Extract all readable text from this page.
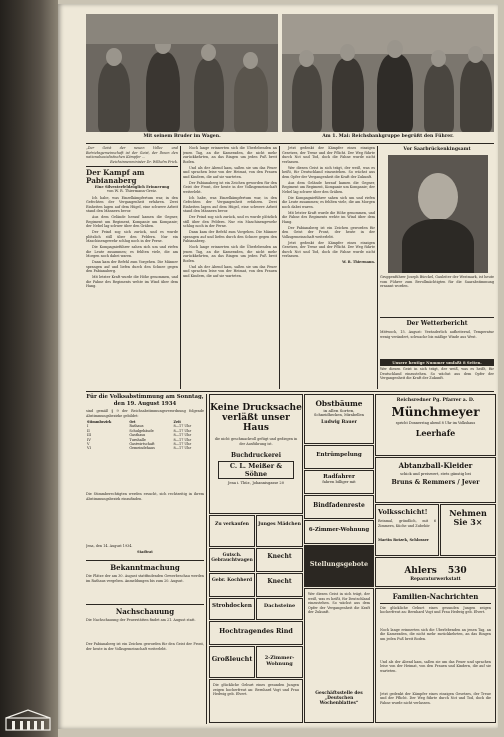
Mit seinem Bruder im Wagen.	Am 1. Mai: Reichsbankgruppe begrüßt den Führer.
„Der Geist der neuen Volks- und Betriebsgemeinschaft ist der Geist, der Ihnen den nationalsozialistischen Kämpfer ...
Reichsinnenminister Dr. Wilhelm Frick.
Der Kampf am Pabianaberg
Eine Silvesterfeldzüglich Erinnerung
von W. R. Thiermann-Greiz.

Ich habe, was Einzelkämpfertum war, in den Gefechten der Vergangenheit erfahren. Zwei Einheiten lagen auf dem Hügel, eine schwere Arbeit stand den Männern bevor.

Aus dem Gelände herauf kamen die Gegner, Regiment um Regiment, Kompanie um Kompanie; der Nebel lag schwer über den Gräben.

Der Feind zog sich zurück, und es wurde plötzlich still über den Feldern. Nur ein Maschinengewehr schlug noch in der Ferne.

Die Kompagnieführer sahen sich um und riefen die Leute zusammen; es fehlten viele, die am Morgen noch dabei waren.

Dann kam der Befehl zum Vorgehen. Die Männer sprangen auf und liefen durch den Schnee gegen den Pabianaberg.

Mit letzter Kraft wurde die Höhe genommen, und die Fahne des Regiments wehte im Wind über dem Hang.

Noch lange erinnerten sich die Überlebenden an jenen Tag, an die Kameraden, die nicht mehr zurückkehrten, an das Ringen um jeden Fuß breit Boden.

Und als der Abend kam, saßen sie um das Feuer und sprachen leise von der Heimat, von den Frauen und Kindern, die auf sie warteten.

Der Pabianaberg ist ein Zeichen geworden für den Geist der Front, der heute in der Volksgemeinschaft weiterlebt.

Ich habe, was Einzelkämpfertum war, in den Gefechten der Vergangenheit erfahren. Zwei Einheiten lagen auf dem Hügel, eine schwere Arbeit stand den Männern bevor.

Der Feind zog sich zurück, und es wurde plötzlich still über den Feldern. Nur ein Maschinengewehr schlug noch in der Ferne.

Dann kam der Befehl zum Vorgehen. Die Männer sprangen auf und liefen durch den Schnee gegen den Pabianaberg.

Noch lange erinnerten sich die Überlebenden an jenen Tag, an die Kameraden, die nicht mehr zurückkehrten, an das Ringen um jeden Fuß breit Boden.

Und als der Abend kam, saßen sie um das Feuer und sprachen leise von der Heimat, von den Frauen und Kindern, die auf sie warteten.

Jetzt gedenkt der Kämpfer eines einzigen Gesetzes, der Treue und der Pflicht. Der Weg führte durch Not und Tod, doch die Fahne wurde nicht verlassen.

Wer diesen Geist in sich trägt, der weiß, was es heißt, für Deutschland einzustehen. So wächst aus dem Opfer der Vergangenheit die Kraft der Zukunft.

Aus dem Gelände herauf kamen die Gegner, Regiment um Regiment, Kompanie um Kompanie; der Nebel lag schwer über den Gräben.

Die Kompagnieführer sahen sich um und riefen die Leute zusammen; es fehlten viele, die am Morgen noch dabei waren.

Mit letzter Kraft wurde die Höhe genommen, und die Fahne des Regiments wehte im Wind über dem Hang.

Der Pabianaberg ist ein Zeichen geworden für den Geist der Front, der heute in der Volksgemeinschaft weiterlebt.

Jetzt gedenkt der Kämpfer eines einzigen Gesetzes, der Treue und der Pflicht. Der Weg führte durch Not und Tod, doch die Fahne wurde nicht verlassen.

W. R. Thiermann.
Vor Saarbrückenkingsamt
Gruppenführer Joseph Bürckel, Gauleiter der Westmark, ist heute vom Führer zum Bevollmächtigten für die Saarabstimmung ernannt worden.
Der Wetterbericht
Mittwoch, 15. August: Veränderlich aufheiternd, Temperatur wenig verändert, schwache bis mäßige Winde aus West.
Unsere heutige Nummer umfaßt 8 Seiten.
Wer diesen Geist in sich trägt, der weiß, was es heißt, für Deutschland einzustehen. So wächst aus dem Opfer der Vergangenheit die Kraft der Zukunft.
Für die Volksabstimmung am Sonntag, den 19. August 1934
sind gemäß § 9 der Reichsabstimmungsverordnung folgende Abstimmungsbezirke gebildet:
Stimmbezirk	Ort	Zeit
I	Rathaus	8—17 Uhr
II	Schulgebäude	8—17 Uhr
III	Gasthaus	8—17 Uhr
IV	Turnhalle	8—17 Uhr
V	Gastwirtschaft	8—17 Uhr
VI	Gemeindehaus	8—17 Uhr
Die Stimmberechtigten werden ersucht, sich rechtzeitig in ihrem Abstimmungsbezirk einzufinden.
Jena, den 14. August 1934.
Stadtrat
Bekanntmachung
Die Plätze der am 30. August stattfindenden Gewerbeschau werden im Rathaus vergeben. Anmeldungen bis zum 20. August.
Nachschauung
Die Nachschauung der Feuerstätten findet am 21. August statt.
Der Pabianaberg ist ein Zeichen geworden für den Geist der Front, der heute in der Volksgemeinschaft weiterlebt.
Keine Drucksache
verläßt unser Haus
die nicht geschmackvoll gefügt und gediegen in der Ausführung ist.
Buchdruckerei
C. L. Meißer & Söhne
Jena i. Thür., Johannisgasse 20
Zu verkaufen	Junges Mädchen
Gutsch. Gebrauchtwagen
Knecht
Gebr. Kochherd	Knecht
Strohdocken	Dachsteine
Hochtragendes Rind
Großleucht	2-Zimmer-Wohnung
Die glückliche Geburt eines gesunden Jungen zeigen hocherfreut an: Bernhard Vogt und Frau Hedwig geb. Elvert.
Obstbäume
in allen Sorten,
Schneidhecken, Mirabellen
Ludwig Bauer
Reichsredner Pg. Pfarrer a. D.
Münchmeyer
spricht Donnerstag abend 8 Uhr im Volkshaus
Leerhafe
Entrümpelung
Radfahrer
fahren billiger mit
Bindfadenreste
6-Zimmer-Wohnung
Stellungsgebote
Wer diesen Geist in sich trägt, der weiß, was es heißt, für Deutschland einzustehen. So wächst aus dem Opfer der Vergangenheit die Kraft der Zukunft.
Geschäftsstelle des „Deutschen Wochenblattes“
Abtanzball-Kleider
schick und preiswert, stets günstig bei
Bruns & Remmers / Jever
Volksschicht!
Reinmal, gründlich, mit 6 Zimmern, Küche und Zubehör
Martin Rotzek, Schlosser
Nehmen Sie 3×
Ahlers 530
Reparaturwerkstatt
Familien-Nachrichten
Die glückliche Geburt eines gesunden Jungen zeigen hocherfreut an: Bernhard Vogt und Frau Hedwig geb. Elvert.
Noch lange erinnerten sich die Überlebenden an jenen Tag, an die Kameraden, die nicht mehr zurückkehrten, an das Ringen um jeden Fuß breit Boden.
Und als der Abend kam, saßen sie um das Feuer und sprachen leise von der Heimat, von den Frauen und Kindern, die auf sie warteten.
Jetzt gedenkt der Kämpfer eines einzigen Gesetzes, der Treue und der Pflicht. Der Weg führte durch Not und Tod, doch die Fahne wurde nicht verlassen.
